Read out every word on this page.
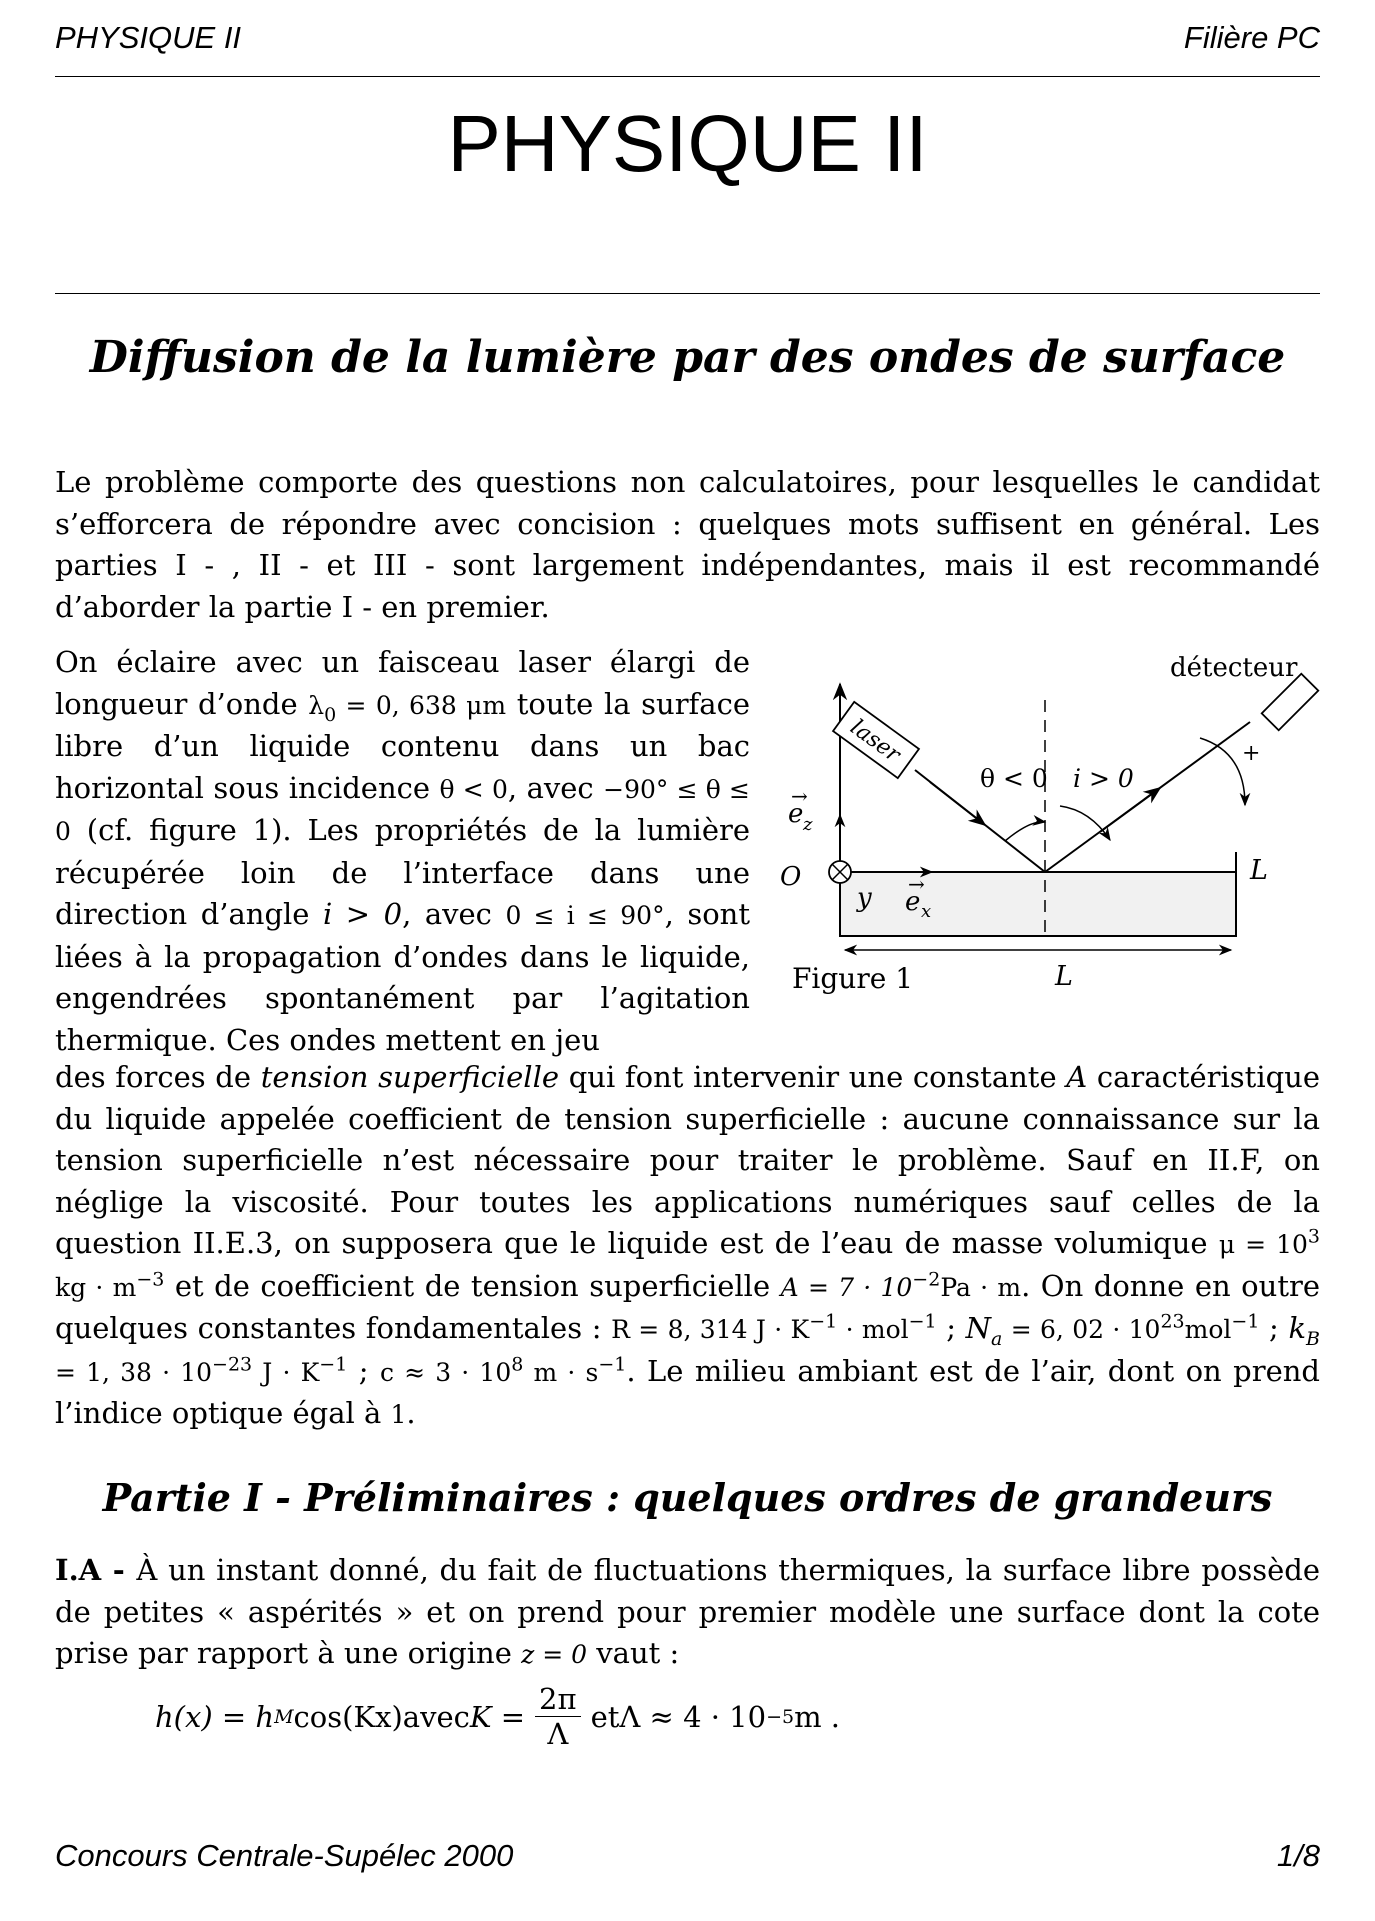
PHYSIQUE II	Filière PC
PHYSIQUE II
Diffusion de la lumière par des ondes de surface
Le problème comporte des questions non calculatoires, pour lesquelles le candidat s’efforcera de répondre avec concision : quelques mots suffisent en général. Les parties I - , II - et III - sont largement indépendantes, mais il est recommandé d’aborder la partie I - en premier.
On éclaire avec un faisceau laser élargi de longueur d’onde $\lambda_0 = 0$, 638 μm toute la surface libre d’un liquide contenu dans un bac horizontal sous incidence θ < 0, avec −90° ≤ θ ≤ 0 (cf. figure 1). Les propriétés de la lumière récupérée loin de l’interface dans une direction d’angle i > 0, avec 0 ≤ i ≤ 90°, sont liées à la propagation d’ondes dans le liquide, engendrées spontanément par l’agitation thermique. Ces ondes mettent en jeu
des forces de tension superficielle qui font intervenir une constante A caractéristique du liquide appelée coefficient de tension superficielle : aucune connaissance sur la tension superficielle n’est nécessaire pour traiter le problème. Sauf en II.F, on néglige la viscosité. Pour toutes les applications numériques sauf celles de la question II.E.3, on supposera que le liquide est de l’eau de masse volumique $\mu = 10^3$ kg · $m^{-3}$ et de coefficient de tension superficielle $A = 7 \cdot 10^{-2}Pa \cdot m$. On donne en outre quelques constantes fondamentales : R = 8, 314 $J \cdot K^{-1} \cdot mol^{-1}$ ; $N_a = 6$, $02 \cdot 10^{23}mol^{-1}$ ; $k_B = 1$, $38 \cdot 10^{-23}$ $J \cdot K^{-1}$ ; $c \approx 3 \cdot 10^8$ $m \cdot s^{-1}$. Le milieu ambiant est de l’air, dont on prend l’indice optique égal à 1.
laser
détecteur
θ < 0 i > 0
+
e z
→
O
y e x
→	L
L
Figure 1
Partie I - Préliminaires : quelques ordres de grandeurs
I.A - À un instant donné, du fait de fluctuations thermiques, la surface libre possède de petites « aspérités » et on prend pour premier modèle une surface dont la cote prise par rapport à une origine z = 0 vaut :
h(x) = h M cos(Kx) avec $K = \frac{2\pi}{\Lambda}$ et Λ ≈ 4 · 10 −5 m .
Concours Centrale-Supélec 2000	1/8
